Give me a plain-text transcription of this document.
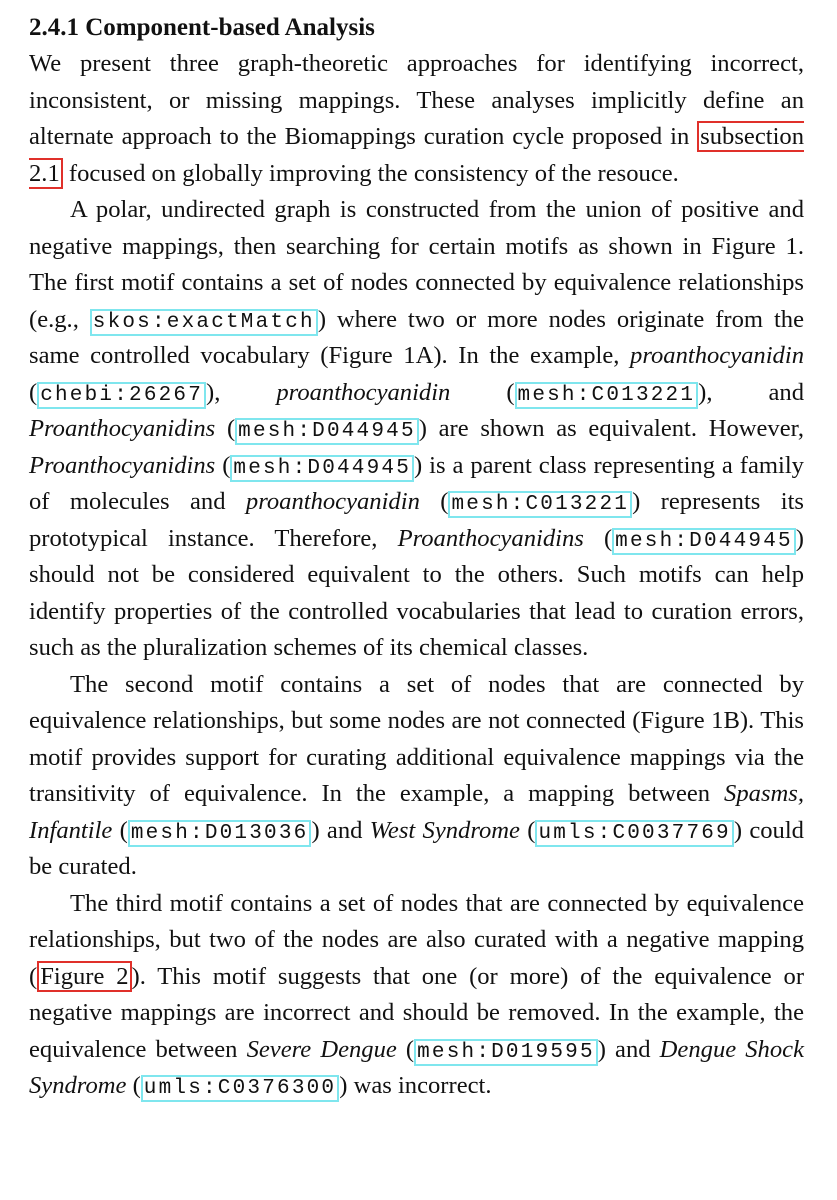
2.4.1 Component-based Analysis

We present three graph-theoretic approaches for identifying incorrect, inconsistent, or missing mappings. These analyses implicitly define an alternate approach to the Biomappings curation cycle proposed in subsection 2.1 focused on globally improving the consistency of the resouce.

A polar, undirected graph is constructed from the union of positive and negative mappings, then searching for certain motifs as shown in Figure 1. The first motif contains a set of nodes connected by equivalence relationships (e.g., skos:exactMatch ) where two or more nodes originate from the same controlled vocabulary (Figure 1A). In the example, proanthocyanidin ( chebi:26267 ), proanthocyanidin ( mesh:C013221 ), and Proanthocyanidins ( mesh:D044945 ) are shown as equivalent. However, Proanthocyanidins ( mesh:D044945 ) is a parent class representing a family of molecules and proanthocyanidin ( mesh:C013221 ) represents its prototypical instance. Therefore, Proanthocyanidins ( mesh:D044945 ) should not be considered equivalent to the others. Such motifs can help identify properties of the controlled vocabularies that lead to curation errors, such as the pluralization schemes of its chemical classes.

The second motif contains a set of nodes that are connected by equivalence relationships, but some nodes are not connected (Figure 1B). This motif provides support for curating additional equivalence mappings via the transitivity of equivalence. In the example, a mapping between Spasms, Infantile ( mesh:D013036 ) and West Syndrome ( umls:C0037769 ) could be curated.

The third motif contains a set of nodes that are connected by equivalence relationships, but two of the nodes are also curated with a negative mapping ( Figure 2 ). This motif suggests that one (or more) of the equivalence or negative mappings are incorrect and should be removed. In the example, the equivalence between Severe Dengue ( mesh:D019595 ) and Dengue Shock Syndrome ( umls:C0376300 ) was incorrect.
